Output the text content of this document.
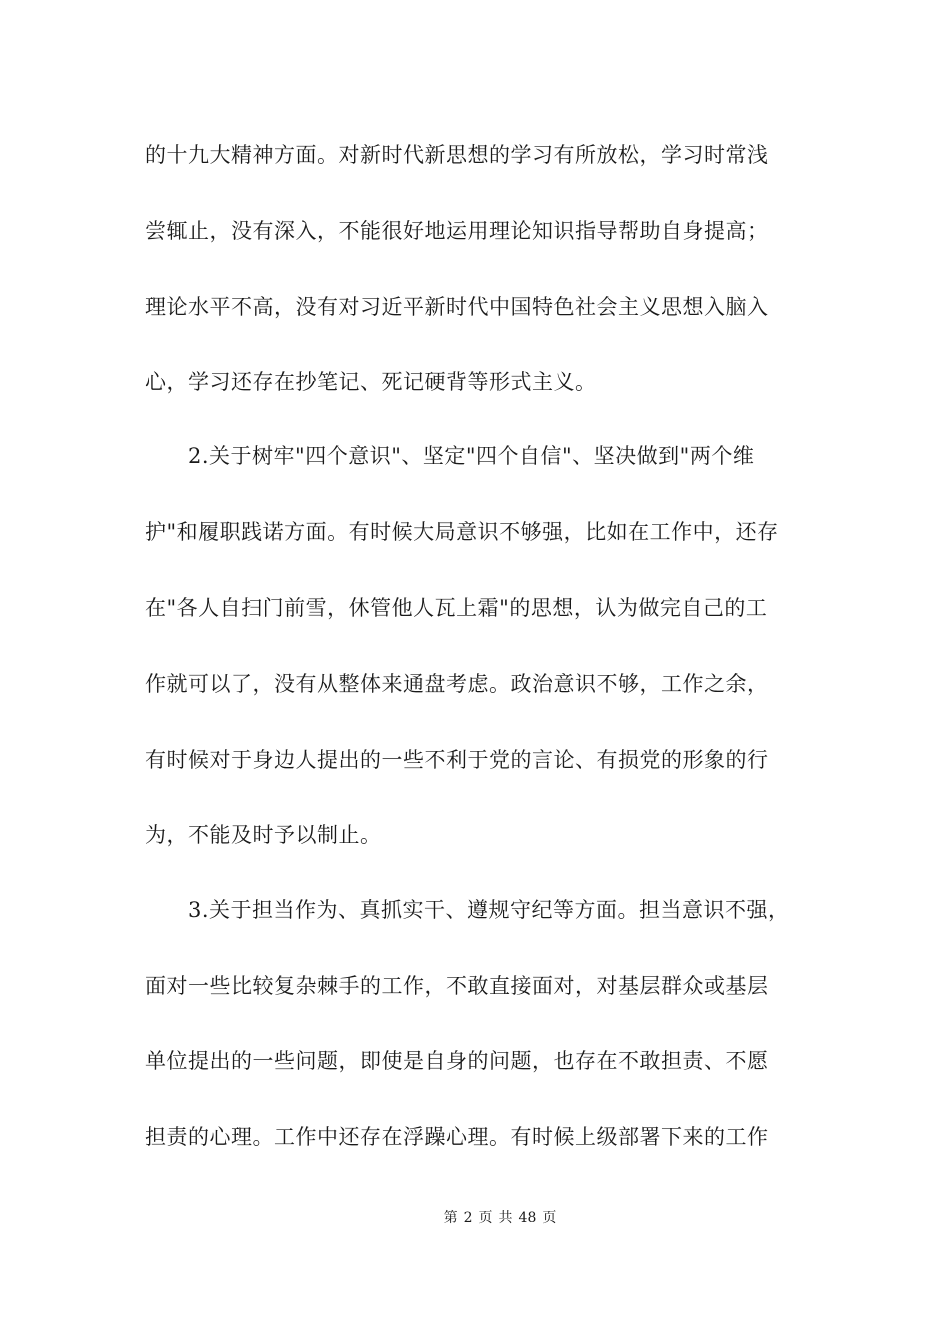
的十九大精神方面。对新时代新思想的学习有所放松，学习时常浅
尝辄止，没有深入，不能很好地运用理论知识指导帮助自身提高；
理论水平不高，没有对习近平新时代中国特色社会主义思想入脑入
心，学习还存在抄笔记、死记硬背等形式主义。
2.关于树牢"四个意识"、坚定"四个自信"、坚决做到"两个维
护"和履职践诺方面。有时候大局意识不够强，比如在工作中，还存
在"各人自扫门前雪，休管他人瓦上霜"的思想，认为做完自己的工
作就可以了，没有从整体来通盘考虑。政治意识不够，工作之余，
有时候对于身边人提出的一些不利于党的言论、有损党的形象的行
为，不能及时予以制止。
3.关于担当作为、真抓实干、遵规守纪等方面。担当意识不强，
面对一些比较复杂棘手的工作，不敢直接面对，对基层群众或基层
单位提出的一些问题，即使是自身的问题，也存在不敢担责、不愿
担责的心理。工作中还存在浮躁心理。有时候上级部署下来的工作
第 2 页 共 48 页
